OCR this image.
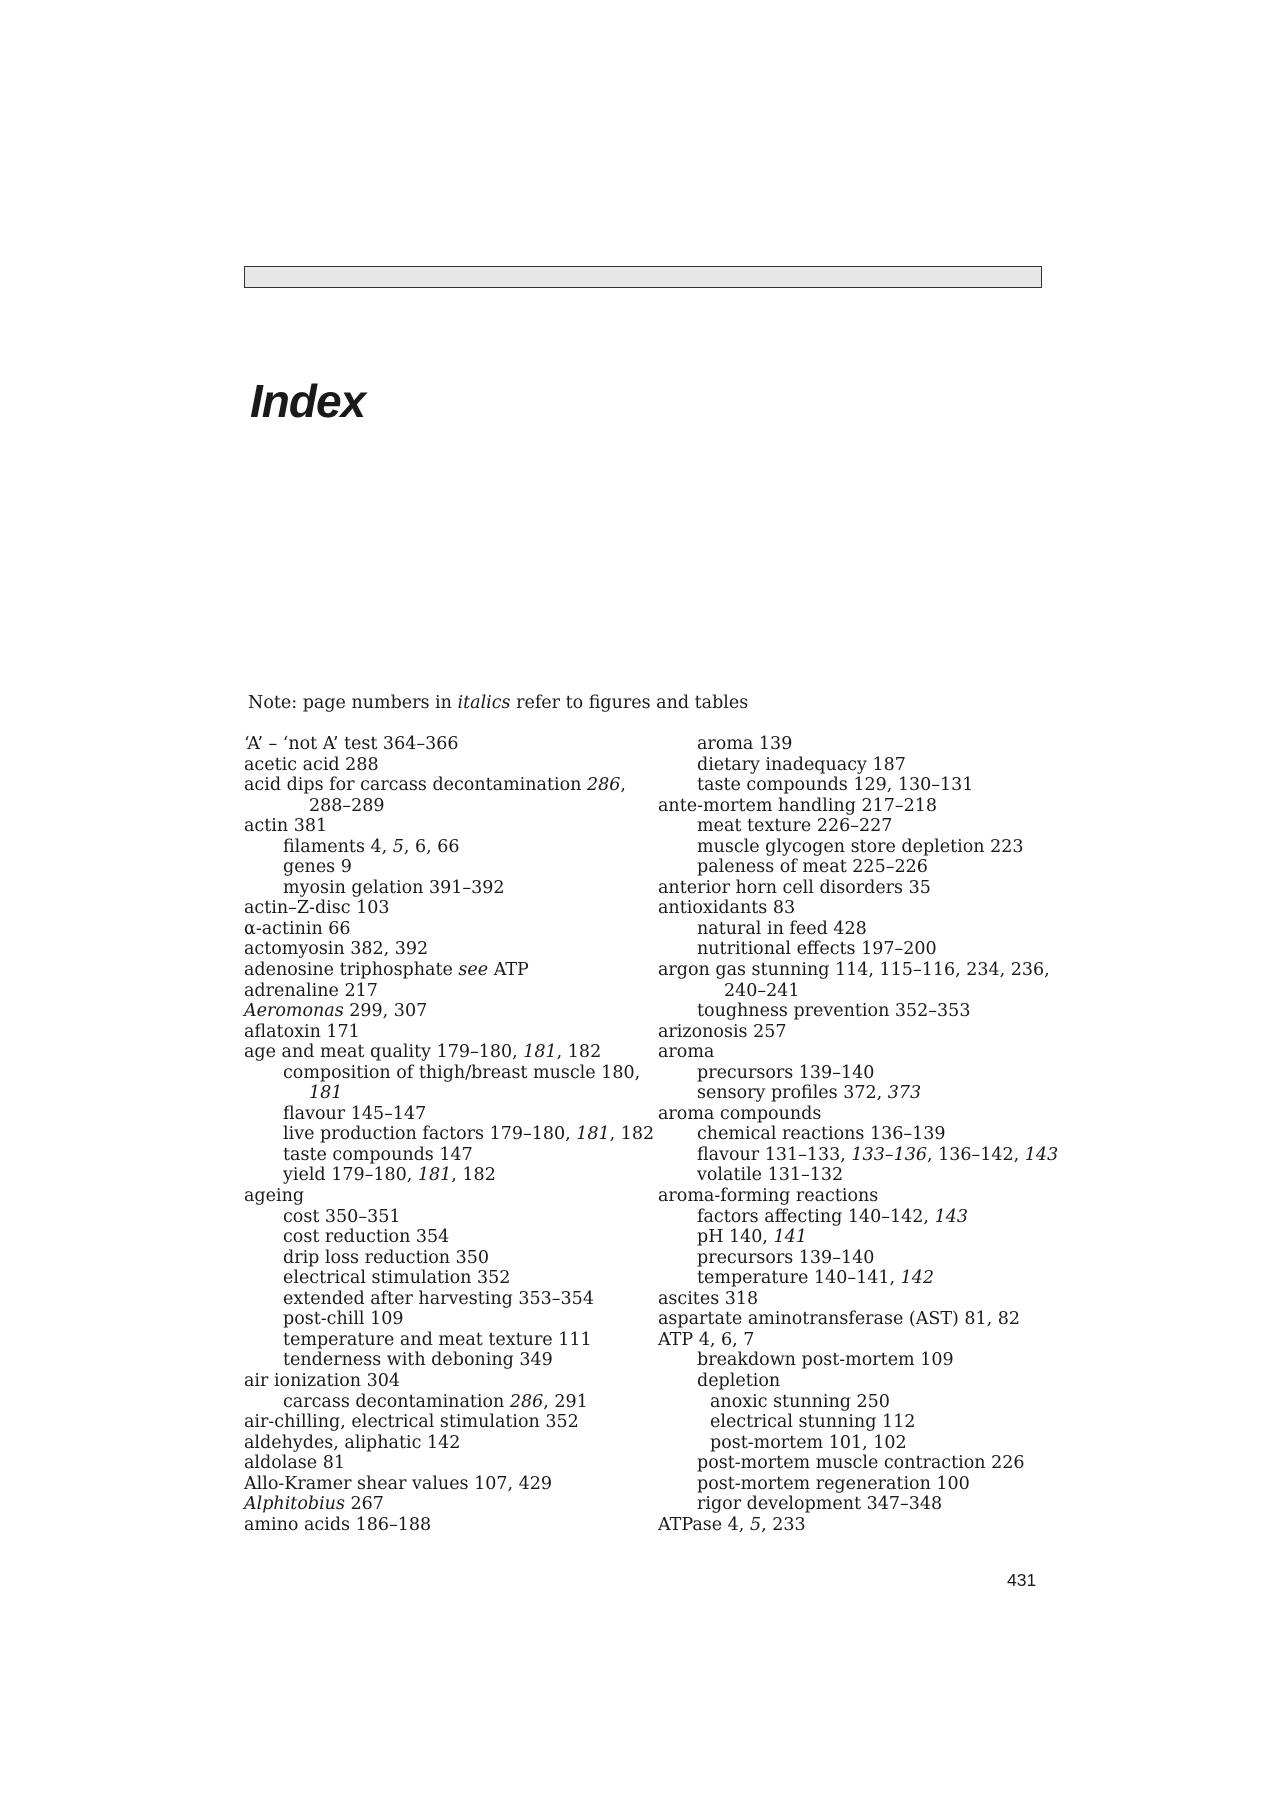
Index
Note: page numbers in italics refer to figures and tables
‘A’ – ‘not A’ test 364–366
acetic acid 288
acid dips for carcass decontamination 286,
288–289
actin 381
filaments 4, 5, 6, 66
genes 9
myosin gelation 391–392
actin–Z-disc 103
α-actinin 66
actomyosin 382, 392
adenosine triphosphate see ATP
adrenaline 217
Aeromonas 299, 307
aflatoxin 171
age and meat quality 179–180, 181, 182
composition of thigh/breast muscle 180,
181
flavour 145–147
live production factors 179–180, 181, 182
taste compounds 147
yield 179–180, 181, 182
ageing
cost 350–351
cost reduction 354
drip loss reduction 350
electrical stimulation 352
extended after harvesting 353–354
post-chill 109
temperature and meat texture 111
tenderness with deboning 349
air ionization 304
carcass decontamination 286, 291
air-chilling, electrical stimulation 352
aldehydes, aliphatic 142
aldolase 81
Allo-Kramer shear values 107, 429
Alphitobius 267
amino acids 186–188
aroma 139
dietary inadequacy 187
taste compounds 129, 130–131
ante-mortem handling 217–218
meat texture 226–227
muscle glycogen store depletion 223
paleness of meat 225–226
anterior horn cell disorders 35
antioxidants 83
natural in feed 428
nutritional effects 197–200
argon gas stunning 114, 115–116, 234, 236,
240–241
toughness prevention 352–353
arizonosis 257
aroma
precursors 139–140
sensory profiles 372, 373
aroma compounds
chemical reactions 136–139
flavour 131–133, 133–136, 136–142, 143
volatile 131–132
aroma-forming reactions
factors affecting 140–142, 143
pH 140, 141
precursors 139–140
temperature 140–141, 142
ascites 318
aspartate aminotransferase (AST) 81, 82
ATP 4, 6, 7
breakdown post-mortem 109
depletion
anoxic stunning 250
electrical stunning 112
post-mortem 101, 102
post-mortem muscle contraction 226
post-mortem regeneration 100
rigor development 347–348
ATPase 4, 5, 233
431
